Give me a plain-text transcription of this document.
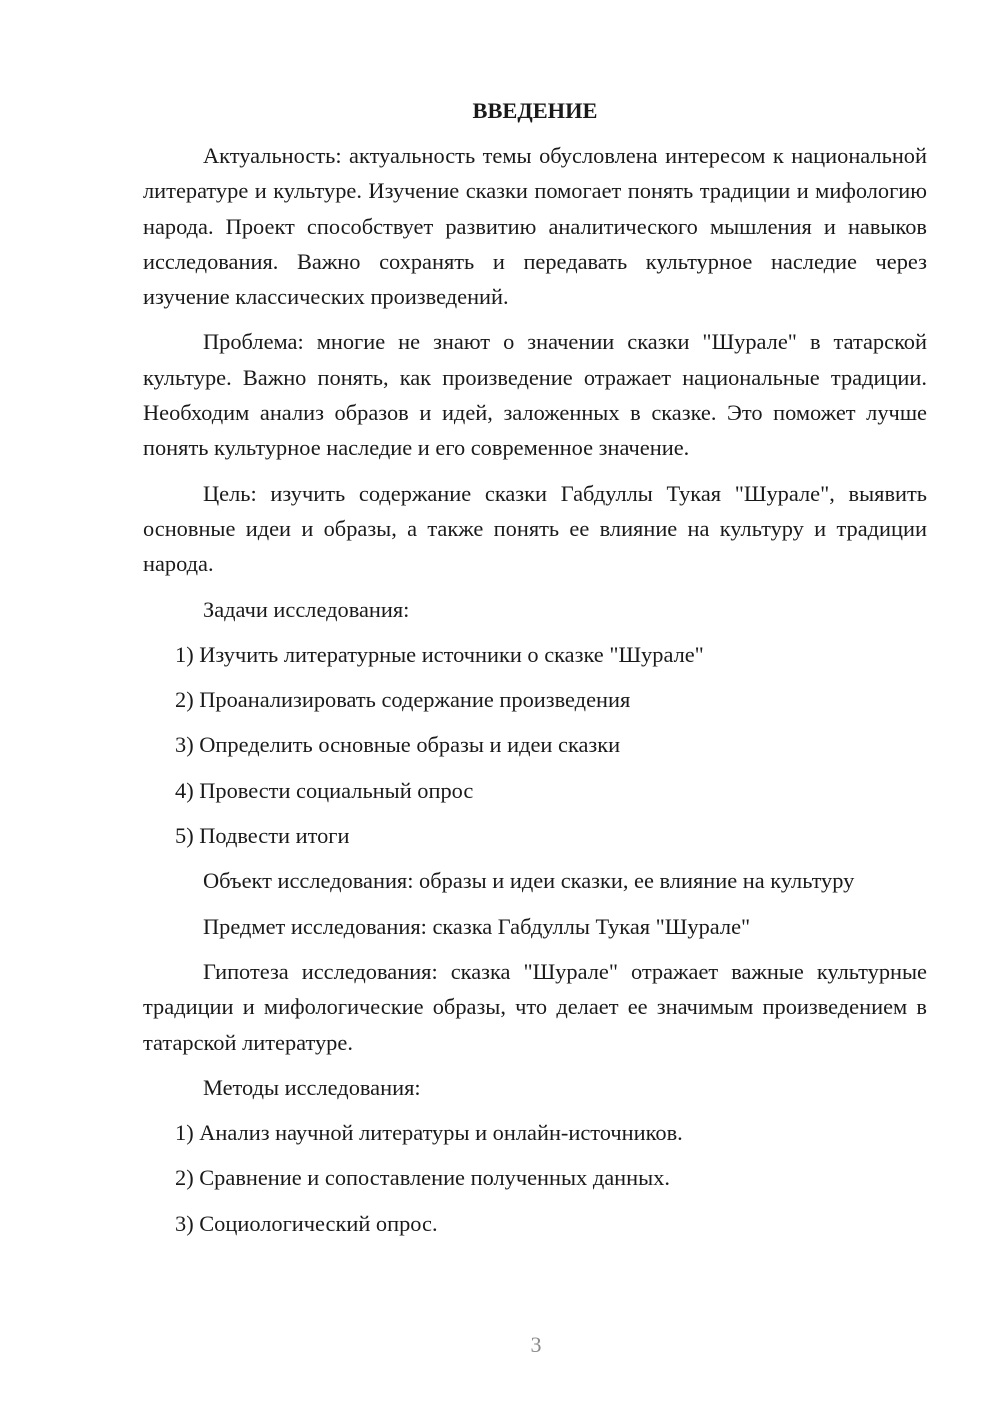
ВВЕДЕНИЕ

Актуальность: актуальность темы обусловлена интересом к национальной литературе и культуре. Изучение сказки помогает понять традиции и мифологию народа. Проект способствует развитию аналитического мышления и навыков исследования. Важно сохранять и передавать культурное наследие через изучение классических произведений.

Проблема: многие не знают о значении сказки "Шурале" в татарской культуре. Важно понять, как произведение отражает национальные традиции. Необходим анализ образов и идей, заложенных в сказке. Это поможет лучше понять культурное наследие и его современное значение.

Цель: изучить содержание сказки Габдуллы Тукая "Шурале", выявить основные идеи и образы, а также понять ее влияние на культуру и традиции народа.

Задачи исследования:

1) Изучить литературные источники о сказке "Шурале"
2) Проанализировать содержание произведения
3) Определить основные образы и идеи сказки
4) Провести социальный опрос
5) Подвести итоги

Объект исследования: образы и идеи сказки, ее влияние на культуру

Предмет исследования: сказка Габдуллы Тукая "Шурале"

Гипотеза исследования: сказка "Шурале" отражает важные культурные традиции и мифологические образы, что делает ее значимым произведением в татарской литературе.

Методы исследования:

1) Анализ научной литературы и онлайн-источников.
2) Сравнение и сопоставление полученных данных.
3) Социологический опрос.
3
